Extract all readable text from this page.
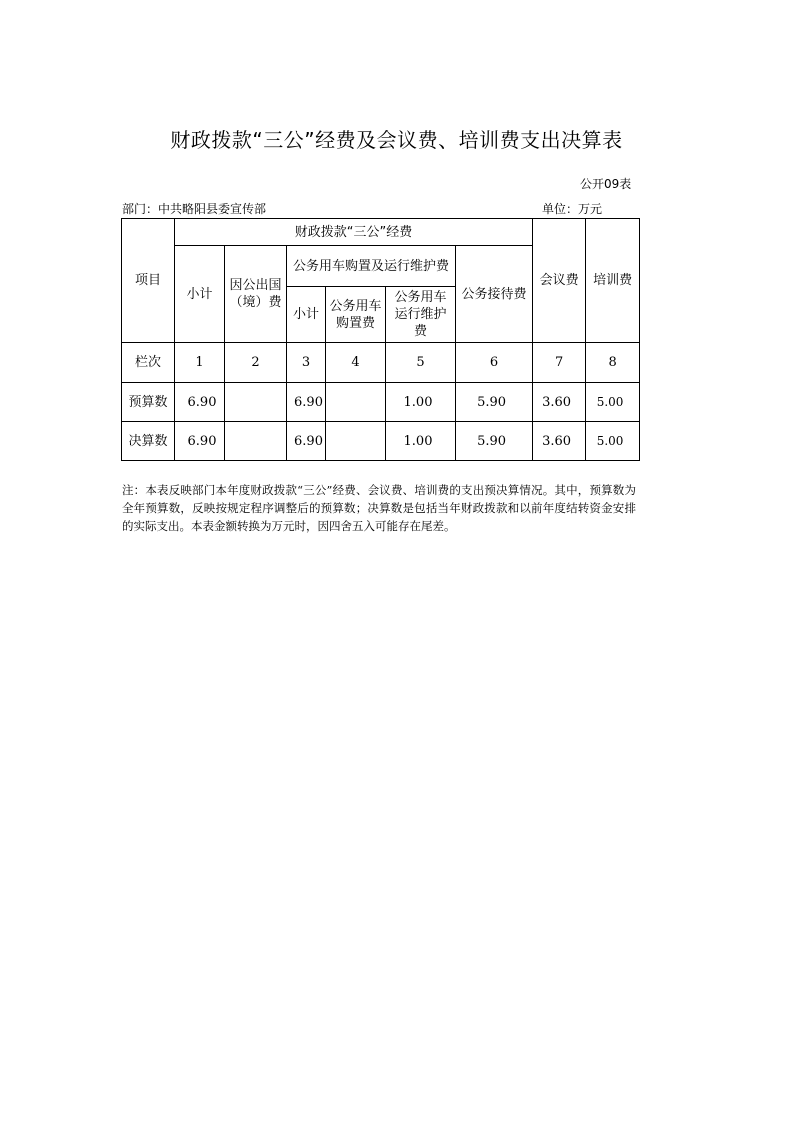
财政拨款“三公”经费及会议费、培训费支出决算表
公开09表
部门：中共略阳县委宣传部	单位：万元
项目	财政拨款“三公”经费						会议费	培训费
	小计	因公出国（境）费	公务用车购置及运行维护费			公务接待费		
			小计	公务用车购置费	公务用车运行维护费			

栏次	1	2	3	4	5	6	7	8
预算数	6.90		6.90		1.00	5.90	3.60	5.00
决算数	6.90		6.90		1.00	5.90	3.60	5.00
注：本表反映部门本年度财政拨款“三公”经费、会议费、培训费的支出预决算情况。其中，预算数为全年预算数，反映按规定程序调整后的预算数；决算数是包括当年财政拨款和以前年度结转资金安排的实际支出。本表金额转换为万元时，因四舍五入可能存在尾差。
